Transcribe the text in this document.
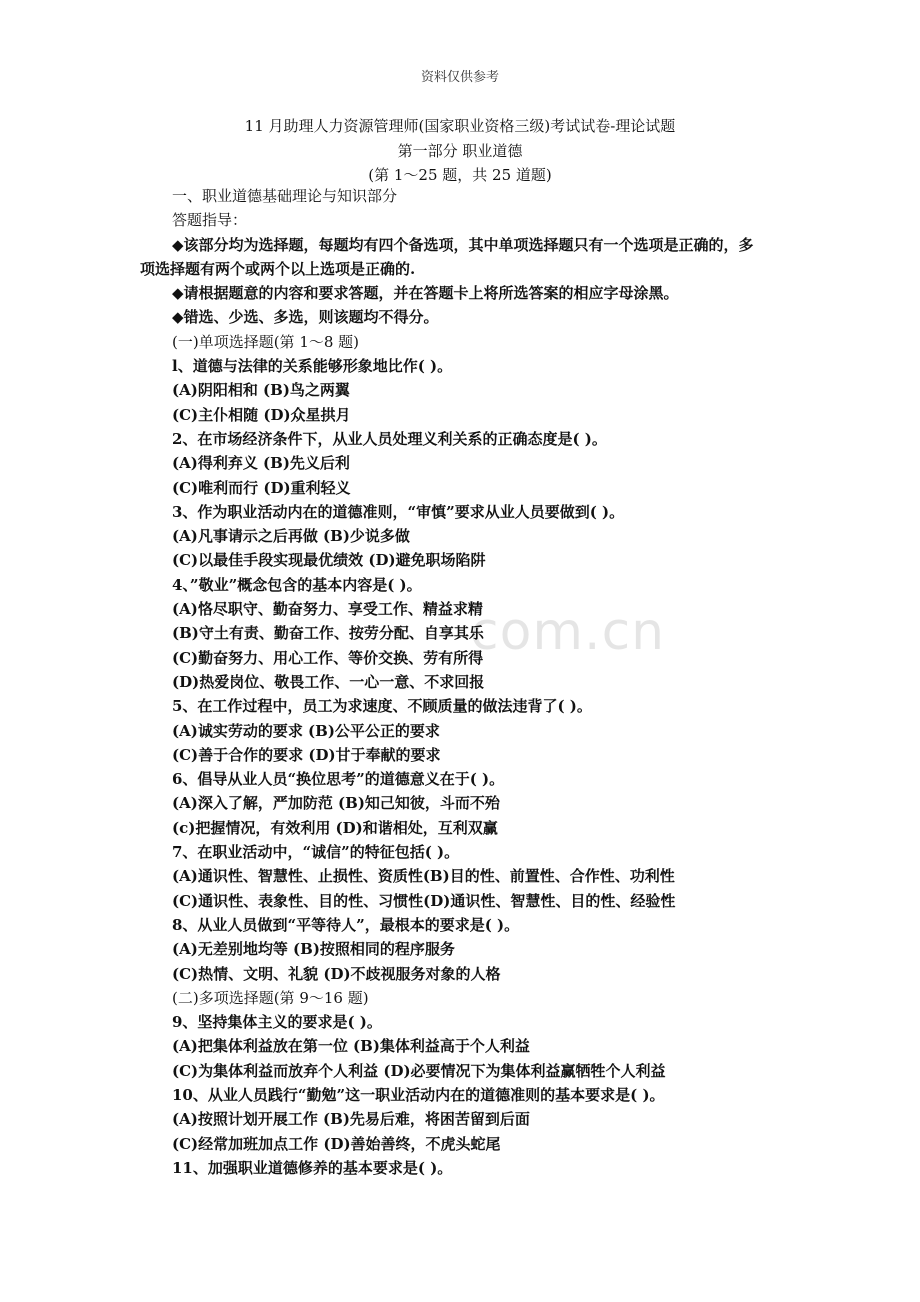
资料仅供参考
11 月助理人力资源管理师(国家职业资格三级)考试试卷-理论试题
第一部分 职业道德
(第 1～25 题，共 25 道题)

一、职业道德基础理论与知识部分

答题指导：

◆该部分均为选择题，每题均有四个备选项，其中单项选择题只有一个选项是正确的，多项选择题有两个或两个以上选项是正确的.

◆请根据题意的内容和要求答题，并在答题卡上将所选答案的相应字母涂黑。

◆错选、少选、多选，则该题均不得分。

(一)单项选择题(第 1～8 题)

l、道德与法律的关系能够形象地比作( )。

(A)阴阳相和 (B)鸟之两翼

(C)主仆相随 (D)众星拱月

2、在市场经济条件下，从业人员处理义利关系的正确态度是( )。

(A)得利弃义 (B)先义后利

(C)唯利而行 (D)重利轻义

3、作为职业活动内在的道德准则，“审慎”要求从业人员要做到( )。

(A)凡事请示之后再做 (B)少说多做

(C)以最佳手段实现最优绩效 (D)避免职场陷阱

4、”敬业”概念包含的基本内容是( )。

(A)恪尽职守、勤奋努力、享受工作、精益求精

(B)守土有责、勤奋工作、按劳分配、自享其乐

(C)勤奋努力、用心工作、等价交换、劳有所得

(D)热爱岗位、敬畏工作、一心一意、不求回报

5、在工作过程中，员工为求速度、不顾质量的做法违背了( )。

(A)诚实劳动的要求 (B)公平公正的要求

(C)善于合作的要求 (D)甘于奉献的要求

6、倡导从业人员“换位思考”的道德意义在于( )。

(A)深入了解，严加防范 (B)知己知彼，斗而不殆

(c)把握情况，有效利用 (D)和谐相处，互利双赢

7、在职业活动中，“诚信”的特征包括( )。

(A)通识性、智慧性、止损性、资质性(B)目的性、前置性、合作性、功利性

(C)通识性、表象性、目的性、习惯性(D)通识性、智慧性、目的性、经验性

8、从业人员做到“平等待人”，最根本的要求是( )。

(A)无差别地均等 (B)按照相同的程序服务

(C)热情、文明、礼貌 (D)不歧视服务对象的人格

(二)多项选择题(第 9～16 题)

9、坚持集体主义的要求是( )。

(A)把集体利益放在第一位 (B)集体利益高于个人利益

(C)为集体利益而放弃个人利益 (D)必要情况下为集体利益赢牺牲个人利益

10、从业人员践行“勤勉”这一职业活动内在的道德准则的基本要求是( )。

(A)按照计划开展工作 (B)先易后难，将困苦留到后面

(C)经常加班加点工作 (D)善始善终，不虎头蛇尾

11、加强职业道德修养的基本要求是( )。

com.cn
